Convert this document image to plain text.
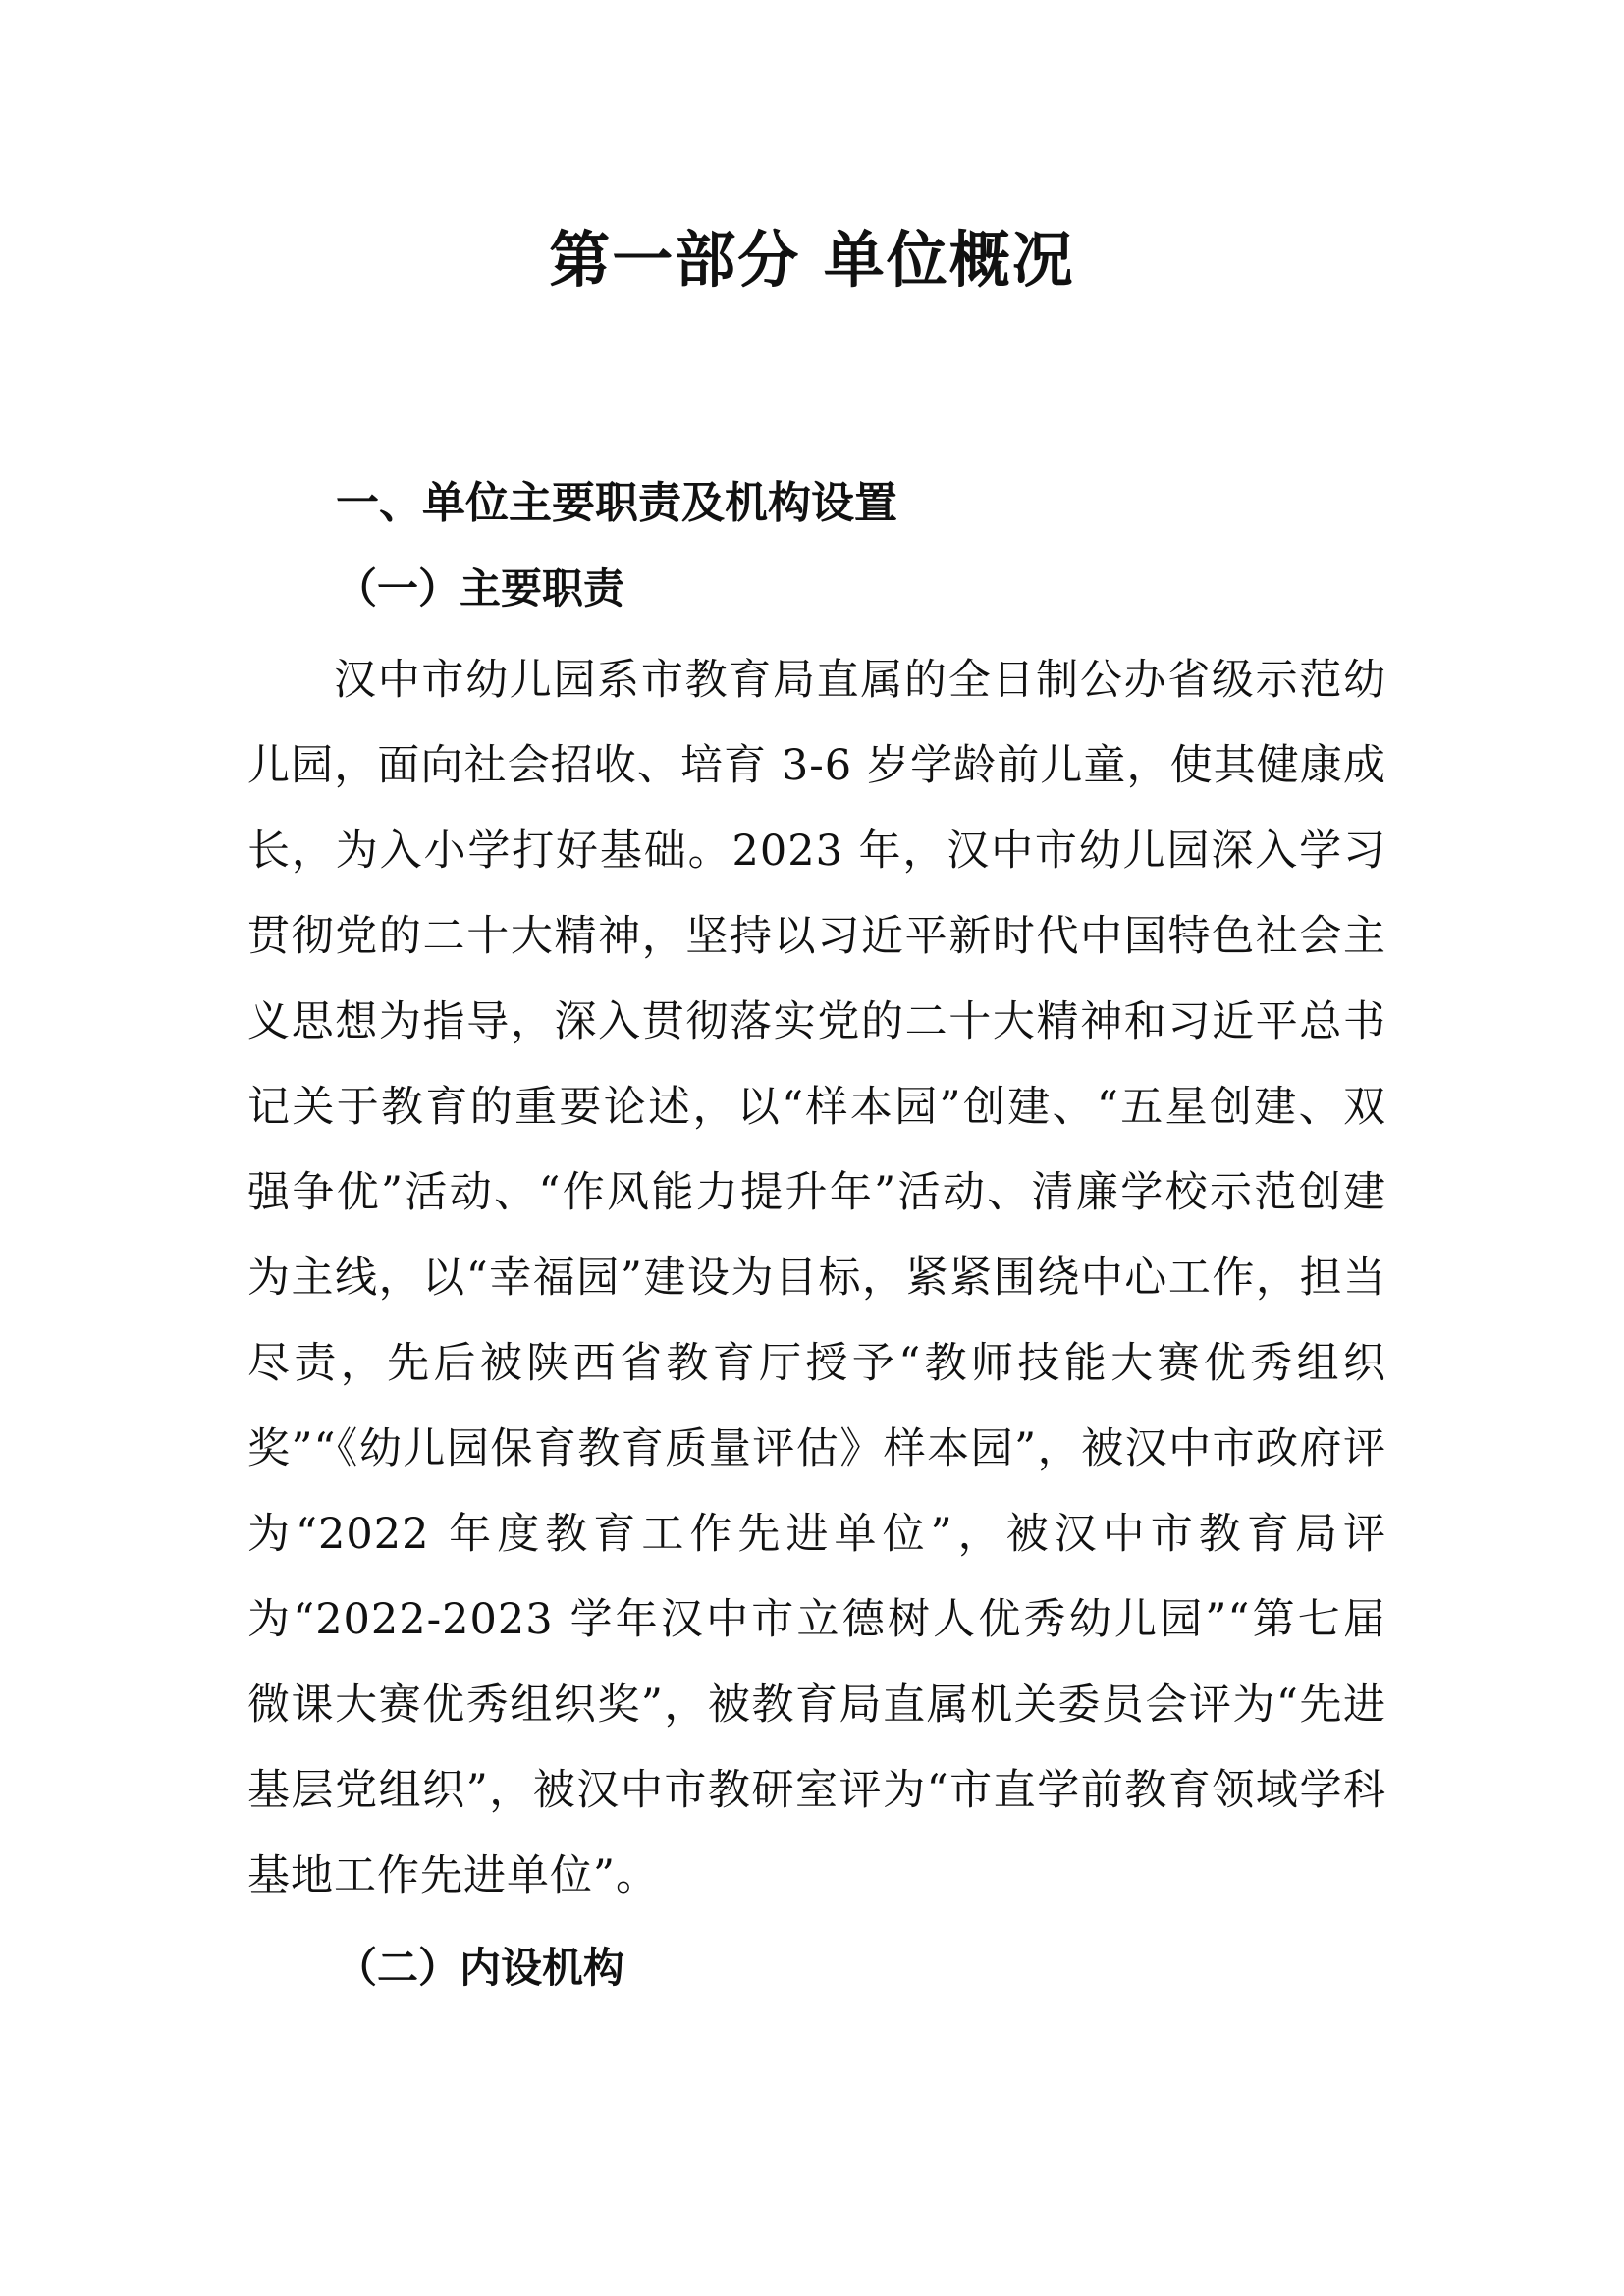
第一部分 单位概况
一、单位主要职责及机构设置
（一）主要职责

汉中市幼儿园系市教育局直属的全日制公办省级示范幼儿园，面向社会招收、培育 3-6 岁学龄前儿童，使其健康成长，为入小学打好基础。2023 年，汉中市幼儿园深入学习贯彻党的二十大精神，坚持以习近平新时代中国特色社会主义思想为指导，深入贯彻落实党的二十大精神和习近平总书记关于教育的重要论述，以“样本园”创建、“五星创建、双强争优”活动、“作风能力提升年”活动、清廉学校示范创建为主线，以“幸福园”建设为目标，紧紧围绕中心工作，担当尽责，先后被陕西省教育厅授予“教师技能大赛优秀组织奖”“《幼儿园保育教育质量评估》样本园”，被汉中市政府评为“2022 年度教育工作先进单位”，被汉中市教育局评为“2022-2023 学年汉中市立德树人优秀幼儿园”“第七届微课大赛优秀组织奖”，被教育局直属机关委员会评为“先进基层党组织”，被汉中市教研室评为“市直学前教育领域学科基地工作先进单位”。

（二）内设机构
